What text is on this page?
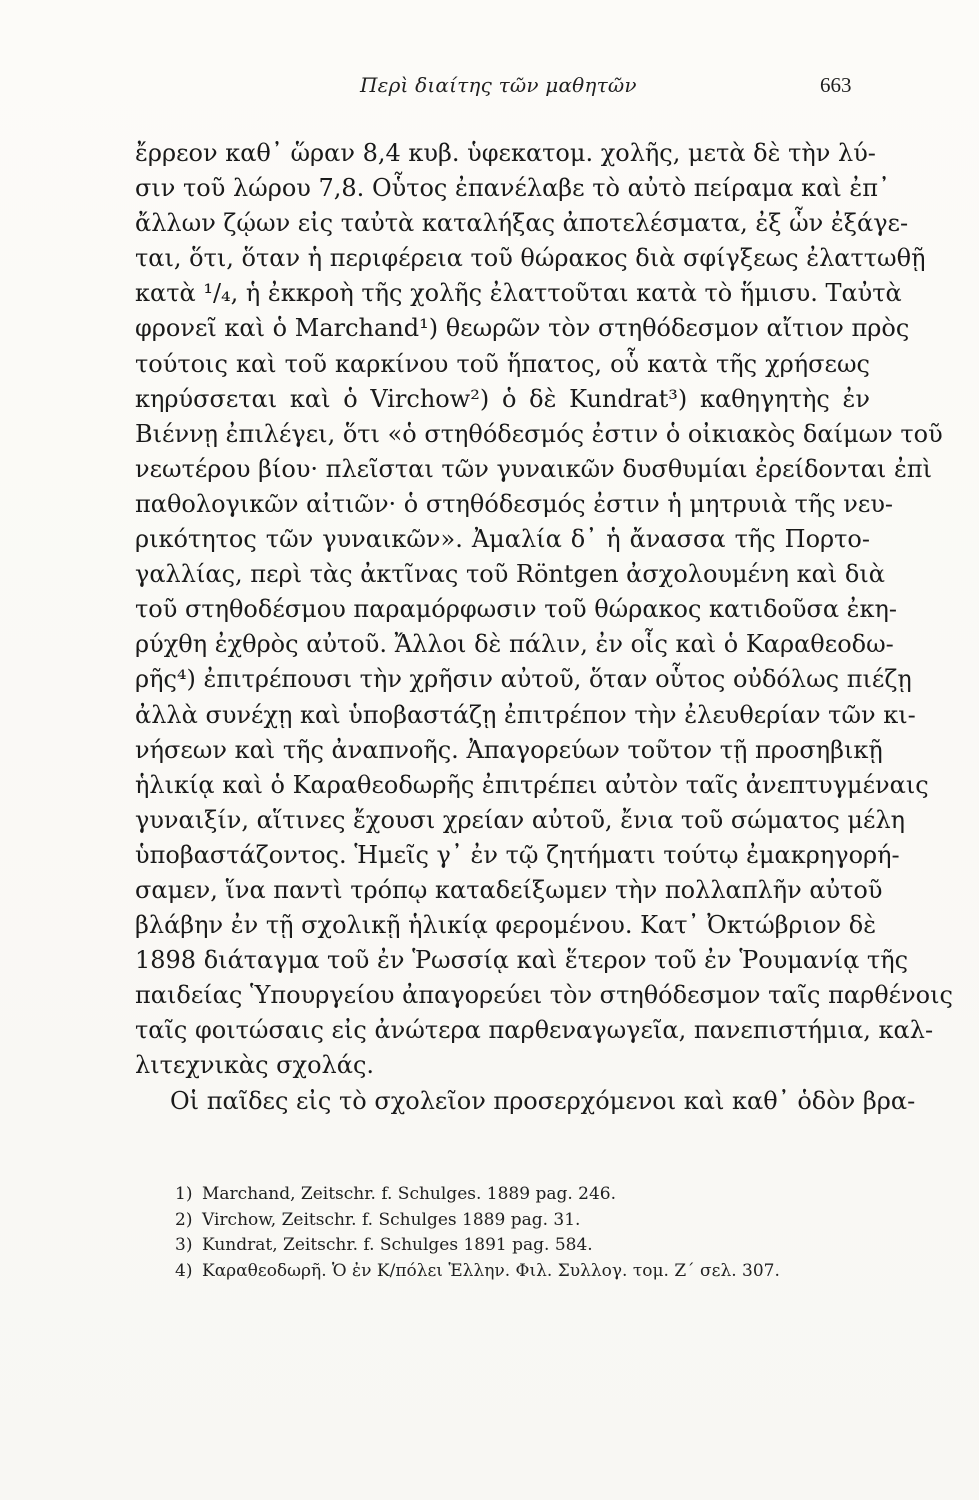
Περὶ διαίτης τῶν μαθητῶν	663
ἔρρεον καθ᾽ ὥραν 8,4 κυβ. ὑφεκατομ. χολῆς, μετὰ δὲ τὴν λύ-
σιν τοῦ λώρου 7,8. Οὗτος ἐπανέλαβε τὸ αὐτὸ πείραμα καὶ ἐπ᾽
ἄλλων ζῴων εἰς ταὐτὰ καταλήξας ἀποτελέσματα, ἐξ ὧν ἐξάγε-
ται, ὅτι, ὅταν ἡ περιφέρεια τοῦ θώρακος διὰ σφίγξεως ἐλαττωθῇ
κατὰ ¹/₄, ἡ ἐκκροὴ τῆς χολῆς ἐλαττοῦται κατὰ τὸ ἥμισυ. Ταὐτὰ
φρονεῖ καὶ ὁ Marchand¹) θεωρῶν τὸν στηθόδεσμον αἴτιον πρὸς
τούτοις καὶ τοῦ καρκίνου τοῦ ἥπατος, οὗ κατὰ τῆς χρήσεως
κηρύσσεται καὶ ὁ Virchow²) ὁ δὲ Kundrat³) καθηγητὴς ἐν
Βιέννῃ ἐπιλέγει, ὅτι «ὁ στηθόδεσμός ἐστιν ὁ οἰκιακὸς δαίμων τοῦ
νεωτέρου βίου· πλεῖσται τῶν γυναικῶν δυσθυμίαι ἐρείδονται ἐπὶ
παθολογικῶν αἰτιῶν· ὁ στηθόδεσμός ἐστιν ἡ μητρυιὰ τῆς νευ-
ρικότητος τῶν γυναικῶν». Ἀμαλία δ᾽ ἡ ἄνασσα τῆς Πορτο-
γαλλίας, περὶ τὰς ἀκτῖνας τοῦ Röntgen ἀσχολουμένη καὶ διὰ
τοῦ στηθοδέσμου παραμόρφωσιν τοῦ θώρακος κατιδοῦσα ἐκη-
ρύχθη ἐχθρὸς αὐτοῦ. Ἄλλοι δὲ πάλιν, ἐν οἷς καὶ ὁ Καραθεοδω-
ρῆς⁴) ἐπιτρέπουσι τὴν χρῆσιν αὐτοῦ, ὅταν οὗτος οὐδόλως πιέζῃ
ἀλλὰ συνέχῃ καὶ ὑποβαστάζῃ ἐπιτρέπον τὴν ἐλευθερίαν τῶν κι-
νήσεων καὶ τῆς ἀναπνοῆς. Ἀπαγορεύων τοῦτον τῇ προσηβικῇ
ἡλικίᾳ καὶ ὁ Καραθεοδωρῆς ἐπιτρέπει αὐτὸν ταῖς ἀνεπτυγμέναις
γυναιξίν, αἵτινες ἔχουσι χρείαν αὐτοῦ, ἔνια τοῦ σώματος μέλη
ὑποβαστάζοντος. Ἡμεῖς γ᾽ ἐν τῷ ζητήματι τούτῳ ἐμακρηγορή-
σαμεν, ἵνα παντὶ τρόπῳ καταδείξωμεν τὴν πολλαπλῆν αὐτοῦ
βλάβην ἐν τῇ σχολικῇ ἡλικίᾳ φερομένου. Κατ᾽ Ὀκτώβριον δὲ
1898 διάταγμα τοῦ ἐν Ῥωσσίᾳ καὶ ἕτερον τοῦ ἐν Ῥουμανίᾳ τῆς
παιδείας Ὑπουργείου ἀπαγορεύει τὸν στηθόδεσμον ταῖς παρθένοις
ταῖς φοιτώσαις εἰς ἀνώτερα παρθεναγωγεῖα, πανεπιστήμια, καλ-
λιτεχνικὰς σχολάς.
Οἱ παῖδες εἰς τὸ σχολεῖον προσερχόμενοι καὶ καθ᾽ ὁδὸν βρα-
1) Marchand, Zeitschr. f. Schulges. 1889 pag. 246.
2) Virchow, Zeitschr. f. Schulges 1889 pag. 31.
3) Kundrat, Zeitschr. f. Schulges 1891 pag. 584.
4) Καραθεοδωρῆ. Ὁ ἐν Κ/πόλει Ἑλλην. Φιλ. Συλλογ. τομ. Ζ΄ σελ. 307.
